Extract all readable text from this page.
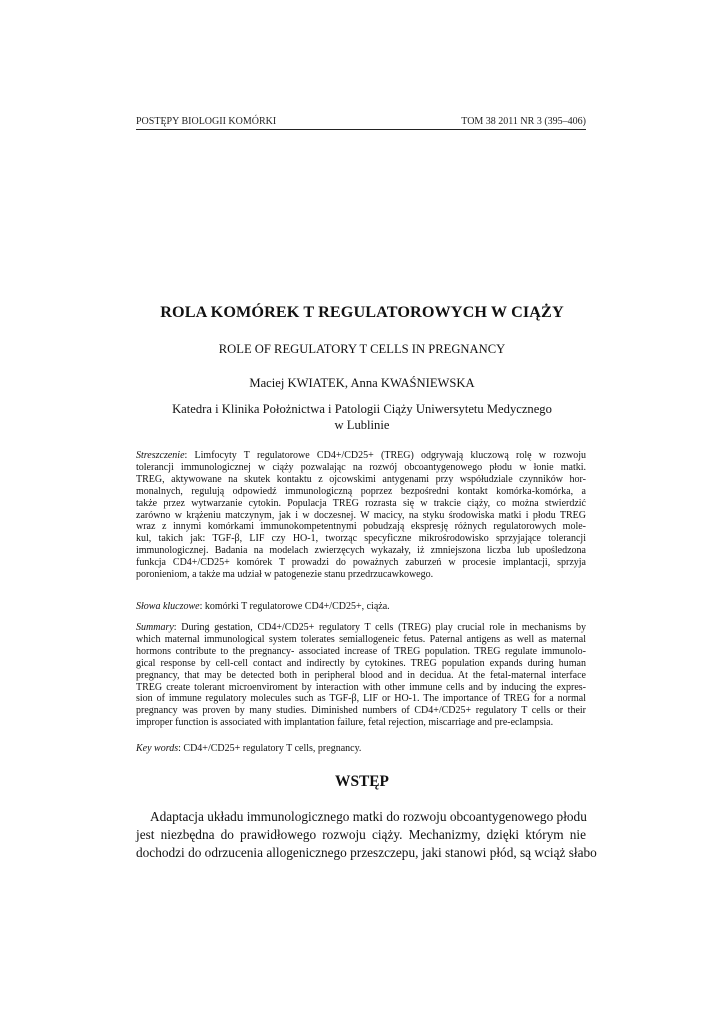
POSTĘPY BIOLOGII KOMÓRKI	TOM 38 2011 NR 3 (395–406)
ROLA KOMÓREK T REGULATOROWYCH W CIĄŻY
ROLE OF REGULATORY T CELLS IN PREGNANCY
Maciej KWIATEK, Anna KWAŚNIEWSKA
Katedra i Klinika Położnictwa i Patologii Ciąży Uniwersytetu Medycznego
w Lublinie
Streszczenie: Limfocyty T regulatorowe CD4+/CD25+ (TREG) odgrywają kluczową rolę w rozwoju
tolerancji immunologicznej w ciąży pozwalając na rozwój obcoantygenowego płodu w łonie matki.
TREG, aktywowane na skutek kontaktu z ojcowskimi antygenami przy współudziale czynników hor-
monalnych, regulują odpowiedź immunologiczną poprzez bezpośredni kontakt komórka-komórka, a
także przez wytwarzanie cytokin. Populacja TREG rozrasta się w trakcie ciąży, co można stwierdzić
zarówno w krążeniu matczynym, jak i w doczesnej. W macicy, na styku środowiska matki i płodu TREG
wraz z innymi komórkami immunokompetentnymi pobudzają ekspresję różnych regulatorowych mole-
kul, takich jak: TGF-β, LIF czy HO-1, tworząc specyficzne mikrośrodowisko sprzyjające tolerancji
immunologicznej. Badania na modelach zwierzęcych wykazały, iż zmniejszona liczba lub upośledzona
funkcja CD4+/CD25+ komórek T prowadzi do poważnych zaburzeń w procesie implantacji, sprzyja
poronieniom, a także ma udział w patogenezie stanu przedrzucawkowego.
Słowa kluczowe: komórki T regulatorowe CD4+/CD25+, ciąża.
Summary: During gestation, CD4+/CD25+ regulatory T cells (TREG) play crucial role in mechanisms by
which maternal immunological system tolerates semiallogeneic fetus. Paternal antigens as well as maternal
hormons contribute to the pregnancy- associated increase of TREG population. TREG regulate immunolo-
gical response by cell-cell contact and indirectly by cytokines. TREG population expands during human
pregnancy, that may be detected both in peripheral blood and in decidua. At the fetal-maternal interface
TREG create tolerant microenviroment by interaction with other immune cells and by inducing the expres-
sion of immune regulatory molecules such as TGF-β, LIF or HO-1. The importance of TREG for a normal
pregnancy was proven by many studies. Diminished numbers of CD4+/CD25+ regulatory T cells or their
improper function is associated with implantation failure, fetal rejection, miscarriage and pre-eclampsia.
Key words: CD4+/CD25+ regulatory T cells, pregnancy.
WSTĘP
Adaptacja układu immunologicznego matki do rozwoju obcoantygenowego płodu
jest niezbędna do prawidłowego rozwoju ciąży. Mechanizmy, dzięki którym nie
dochodzi do odrzucenia allogenicznego przeszczepu, jaki stanowi płód, są wciąż słabo
